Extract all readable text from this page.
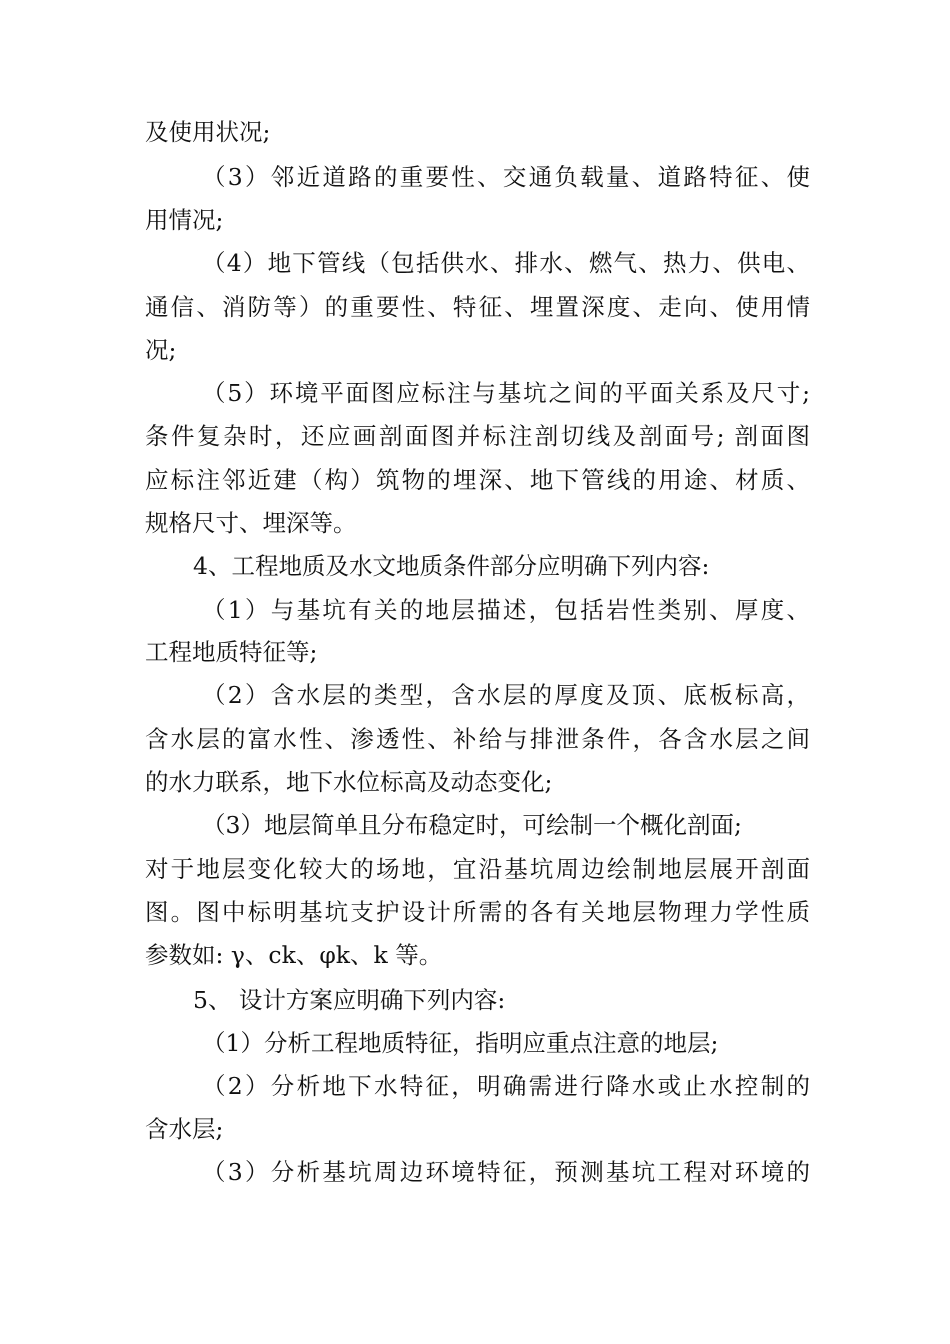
及使用状况;
（3）邻近道路的重要性、交通负载量、道路特征、使
用情况;
（4）地下管线（包括供水、排水、燃气、热力、供电、
通信、消防等）的重要性、特征、埋置深度、走向、使用情
况;
（5）环境平面图应标注与基坑之间的平面关系及尺寸;
条件复杂时，还应画剖面图并标注剖切线及剖面号; 剖面图
应标注邻近建（构）筑物的埋深、地下管线的用途、材质、
规格尺寸、埋深等。
4、工程地质及水文地质条件部分应明确下列内容:
（1）与基坑有关的地层描述，包括岩性类别、厚度、
工程地质特征等;
（2）含水层的类型，含水层的厚度及顶、底板标高，
含水层的富水性、渗透性、补给与排泄条件，各含水层之间
的水力联系，地下水位标高及动态变化;
（3）地层简单且分布稳定时，可绘制一个概化剖面;
对于地层变化较大的场地，宜沿基坑周边绘制地层展开剖面
图。图中标明基坑支护设计所需的各有关地层物理力学性质
参数如: γ、ck、φk、k 等。
5、 设计方案应明确下列内容:
（1）分析工程地质特征，指明应重点注意的地层;
（2）分析地下水特征，明确需进行降水或止水控制的
含水层;
（3）分析基坑周边环境特征，预测基坑工程对环境的
